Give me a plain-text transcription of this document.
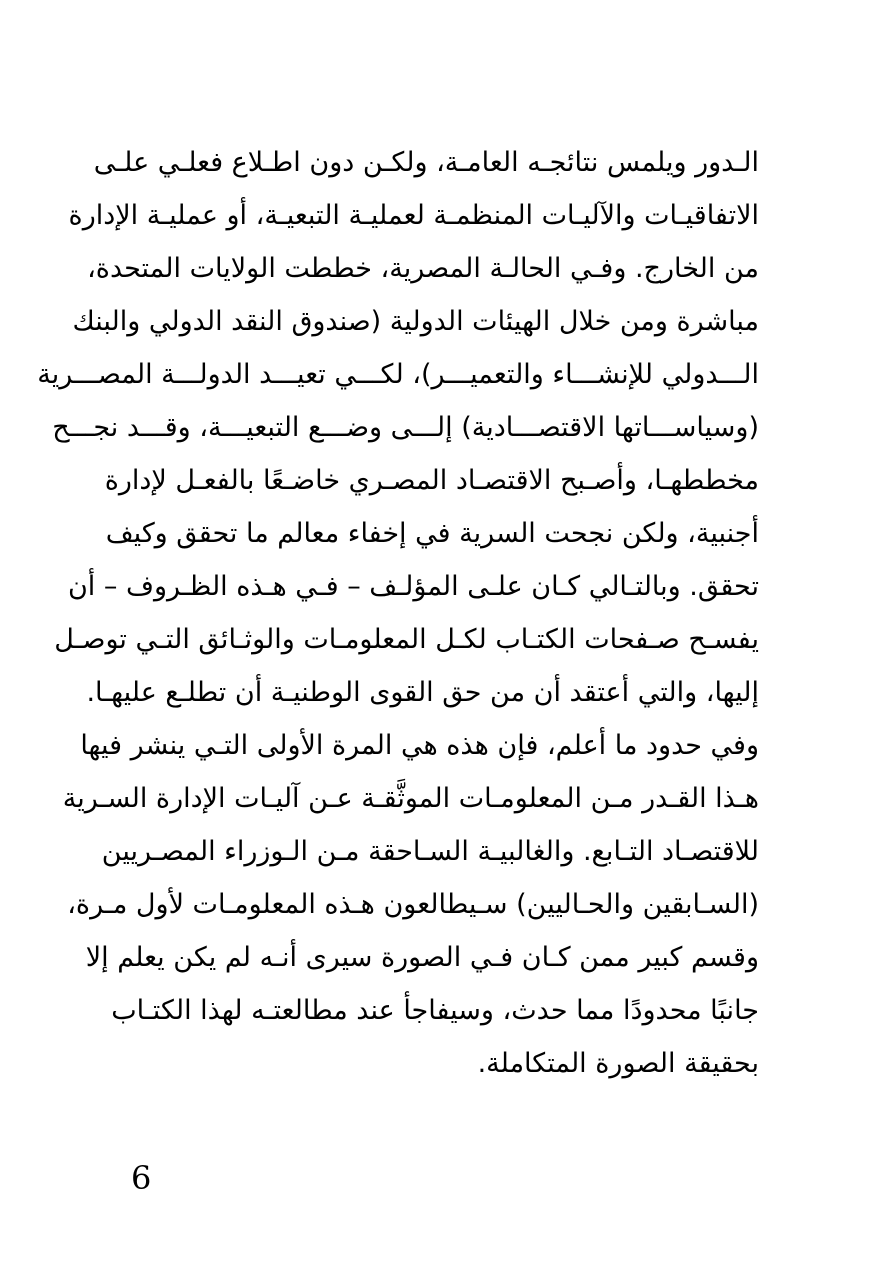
الـدور ويلمس نتائجـه العامـة، ولكـن دون اطـلاع فعلـي علـى
الاتفاقيـات والآليـات المنظمـة لعمليـة التبعيـة، أو عمليـة الإدارة
من الخارج. وفـي الحالـة المصرية، خططت الولايات المتحدة،
مباشرة ومن خلال الهيئات الدولية (صندوق النقد الدولي والبنك
الـــدولي للإنشـــاء والتعميـــر)، لكـــي تعيـــد الدولـــة المصـــرية
(وسياســـاتها الاقتصـــادية) إلـــى وضـــع التبعيـــة، وقـــد نجـــح
مخططهـا، وأصـبح الاقتصـاد المصـري خاضـعًا بالفعـل لإدارة
أجنبية، ولكن نجحت السرية في إخفاء معالم ما تحقق وكيف
تحقق. وبالتـالي كـان علـى المؤلـف – فـي هـذه الظـروف – أن
يفسـح صـفحات الكتـاب لكـل المعلومـات والوثـائق التـي توصـل
إليها، والتي أعتقد أن من حق القوى الوطنيـة أن تطلـع عليهـا.
وفي حدود ما أعلم، فإن هذه هي المرة الأولى التـي ينشر فيها
هـذا القـدر مـن المعلومـات الموثَّقـة عـن آليـات الإدارة السـرية
للاقتصـاد التـابع. والغالبيـة السـاحقة مـن الـوزراء المصـريين
(السـابقين والحـاليين) سـيطالعون هـذه المعلومـات لأول مـرة،
وقسم كبير ممن كـان فـي الصورة سيرى أنـه لم يكن يعلم إلا
جانبًا محدودًا مما حدث، وسيفاجأ عند مطالعتـه لهذا الكتـاب
بحقيقة الصورة المتكاملة.
6
